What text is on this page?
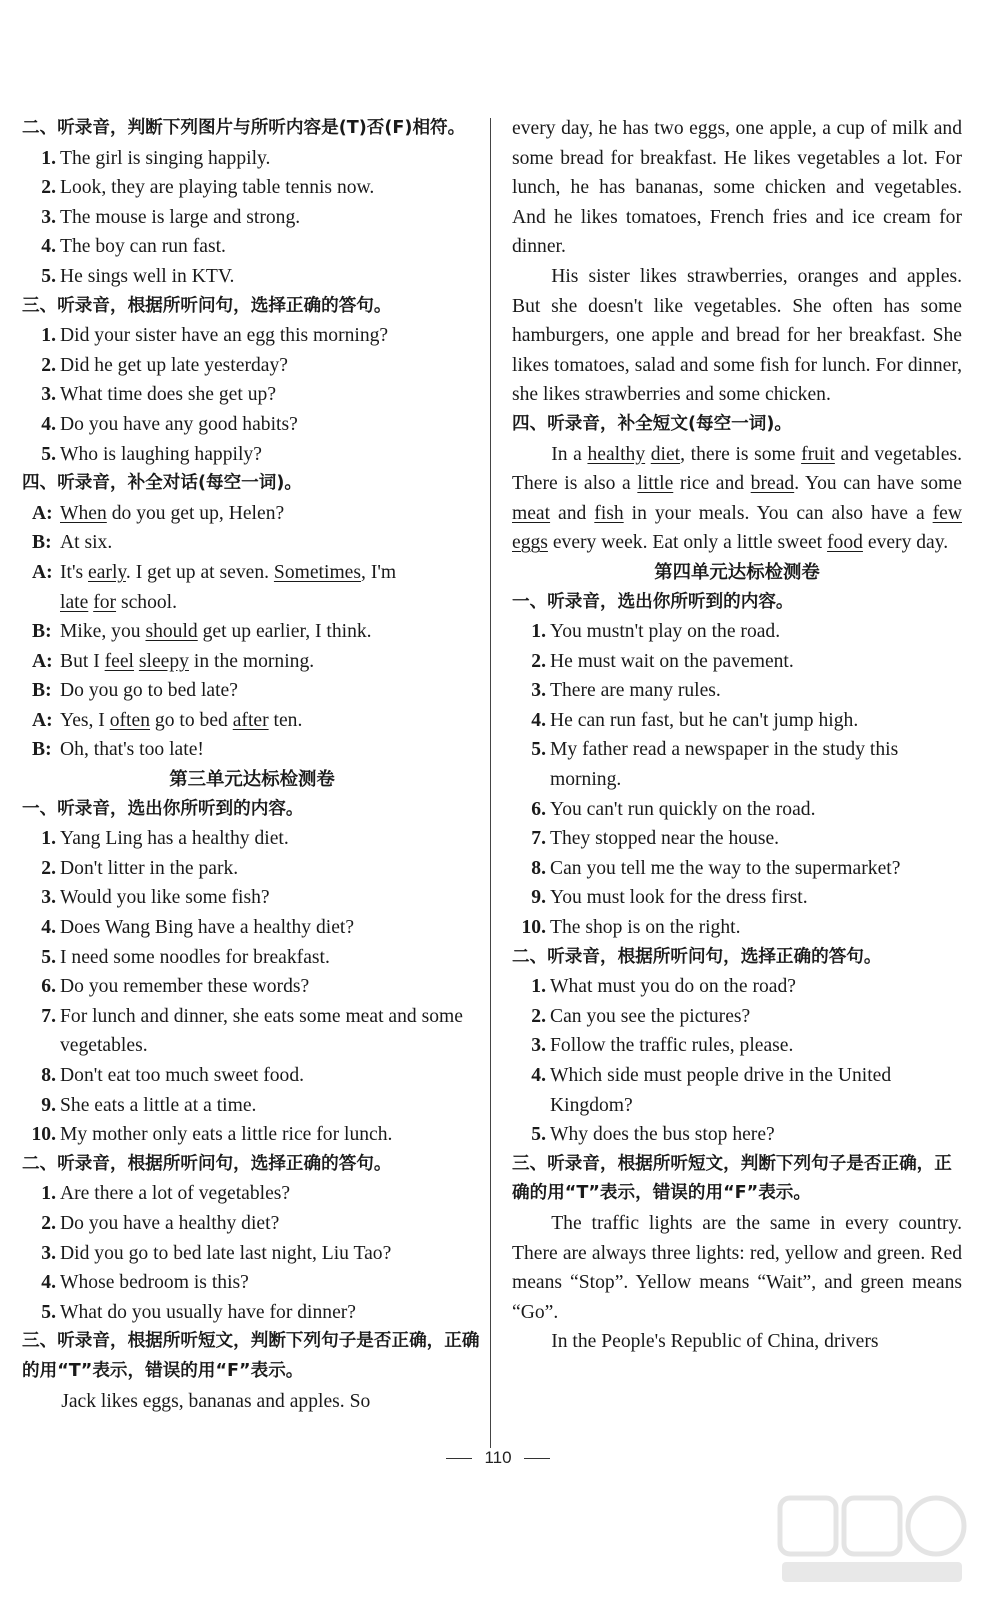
二、听录音，判断下列图片与所听内容是(T)否(F)相符。
1. The girl is singing happily.
2. Look, they are playing table tennis now.
3. The mouse is large and strong.
4. The boy can run fast.
5. He sings well in KTV.
三、听录音，根据所听问句，选择正确的答句。
1. Did your sister have an egg this morning?
2. Did he get up late yesterday?
3. What time does she get up?
4. Do you have any good habits?
5. Who is laughing happily?
四、听录音，补全对话(每空一词)。
A: When do you get up, Helen?
B: At six.
A: It's early. I get up at seven. Sometimes, I'm
late for school.
B: Mike, you should get up earlier, I think.
A: But I feel sleepy in the morning.
B: Do you go to bed late?
A: Yes, I often go to bed after ten.
B: Oh, that's too late!
第三单元达标检测卷
一、听录音，选出你所听到的内容。
1. Yang Ling has a healthy diet.
2. Don't litter in the park.
3. Would you like some fish?
4. Does Wang Bing have a healthy diet?
5. I need some noodles for breakfast.
6. Do you remember these words?
7. For lunch and dinner, she eats some meat and some vegetables.
8. Don't eat too much sweet food.
9. She eats a little at a time.
10. My mother only eats a little rice for lunch.
二、听录音，根据所听问句，选择正确的答句。
1. Are there a lot of vegetables?
2. Do you have a healthy diet?
3. Did you go to bed late last night, Liu Tao?
4. Whose bedroom is this?
5. What do you usually have for dinner?
三、听录音，根据所听短文，判断下列句子是否正确，正确的用“T”表示，错误的用“F”表示。
Jack likes eggs, bananas and apples. So
every day, he has two eggs, one apple, a cup of milk and some bread for breakfast. He likes vegetables a lot. For lunch, he has bananas, some chicken and vegetables. And he likes tomatoes, French fries and ice cream for dinner.
His sister likes strawberries, oranges and apples. But she doesn't like vegetables. She often has some hamburgers, one apple and bread for her breakfast. She likes tomatoes, salad and some fish for lunch. For dinner, she likes strawberries and some chicken.
四、听录音，补全短文(每空一词)。
In a healthy diet, there is some fruit and vegetables. There is also a little rice and bread. You can have some meat and fish in your meals. You can also have a few eggs every week. Eat only a little sweet food every day.
第四单元达标检测卷
一、听录音，选出你所听到的内容。
1. You mustn't play on the road.
2. He must wait on the pavement.
3. There are many rules.
4. He can run fast, but he can't jump high.
5. My father read a newspaper in the study this morning.
6. You can't run quickly on the road.
7. They stopped near the house.
8. Can you tell me the way to the supermarket?
9. You must look for the dress first.
10. The shop is on the right.
二、听录音，根据所听问句，选择正确的答句。
1. What must you do on the road?
2. Can you see the pictures?
3. Follow the traffic rules, please.
4. Which side must people drive in the United Kingdom?
5. Why does the bus stop here?
三、听录音，根据所听短文，判断下列句子是否正确，正确的用“T”表示，错误的用“F”表示。
The traffic lights are the same in every country. There are always three lights: red, yellow and green. Red means “Stop”. Yellow means “Wait”, and green means “Go”.
In the People's Republic of China, drivers
110
